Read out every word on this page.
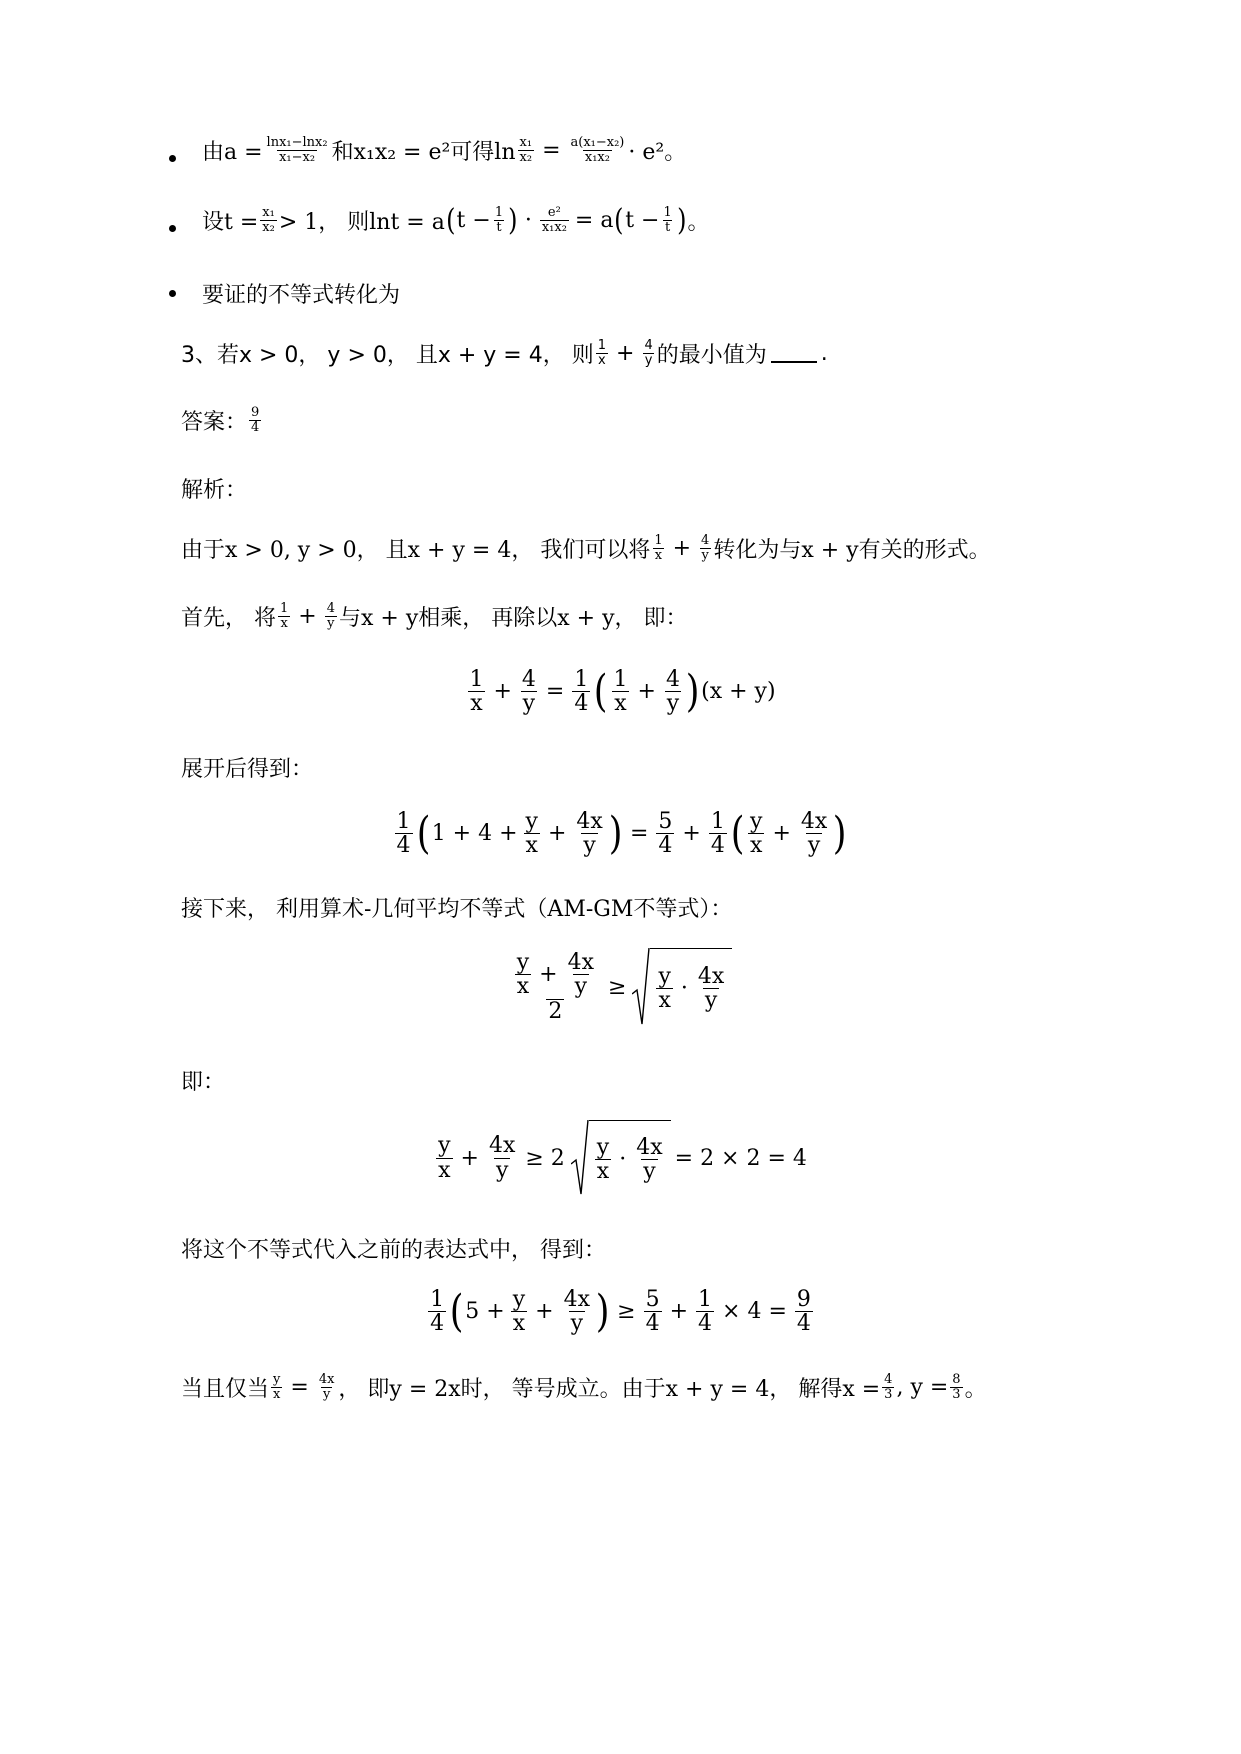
由$a = \frac{\text{lnx₁−lnx₂}}{\text{x₁−x₂}}$ 和x₁x₂ = e²可得$\ln \frac{\text{x₁}}{\text{x₂}} = \frac{\text{a(x₁−x₂)}}{\text{x₁x₂}} \cdot e^2$。
设$t = \frac{\text{x₁}}{\text{x₂}} > 1$， 则lnt = a ( $t - \frac{1}{t}$ ) · $\frac{\text{e²}}{\text{x₁x₂}} = a$ ( $t - \frac{1}{t}$ ) 。
要证的不等式转化为
3、若x > 0， y > 0， 且x + y = 4， 则 $\frac{1}{x} + \frac{4}{y}$ 的最小值为 .
答案： $\frac{9}{4}$
解析：
由于x > 0, y > 0， 且x + y = 4， 我们可以将 $\frac{1}{x} + \frac{4}{y}$ 转化为与x + y有关的形式。
首先， 将 $\frac{1}{x} + \frac{4}{y}$ 与x + y相乘， 再除以x + y， 即：
$\frac{1}{x} + \frac{4}{y} = \frac{1}{4}$ ( $\frac{1}{x} + \frac{4}{y}$ ) (x + y)
展开后得到：
$\frac{1}{4}$ ( $1 + 4 + \frac{y}{x} + \frac{4x}{y}$ ) = $\frac{5}{4} + \frac{1}{4}$ ( $\frac{y}{x} + \frac{4x}{y}$ )
接下来， 利用算术-几何平均不等式（AM-GM不等式）：
$\frac{\frac{y}{x} + \frac{4x}{y}}{2} \ge \frac{y}{x} \cdot \frac{4x}{y}$
即：
$\frac{y}{x} + \frac{4x}{y} \ge 2 \frac{y}{x} \cdot \frac{4x}{y} = 2 \times 2 = 4$
将这个不等式代入之前的表达式中， 得到：
$\frac{1}{4}$ ( $5 + \frac{y}{x} + \frac{4x}{y}$ ) ≥ $\frac{5}{4} + \frac{1}{4} \times 4 = \frac{9}{4}$
当且仅当 $\frac{y}{x} = \frac{4x}{y}$ ， 即y = 2x时， 等号成立。由于x + y = 4， 解得$x = \frac{4}{3}$ , $y = \frac{8}{3}$ 。
